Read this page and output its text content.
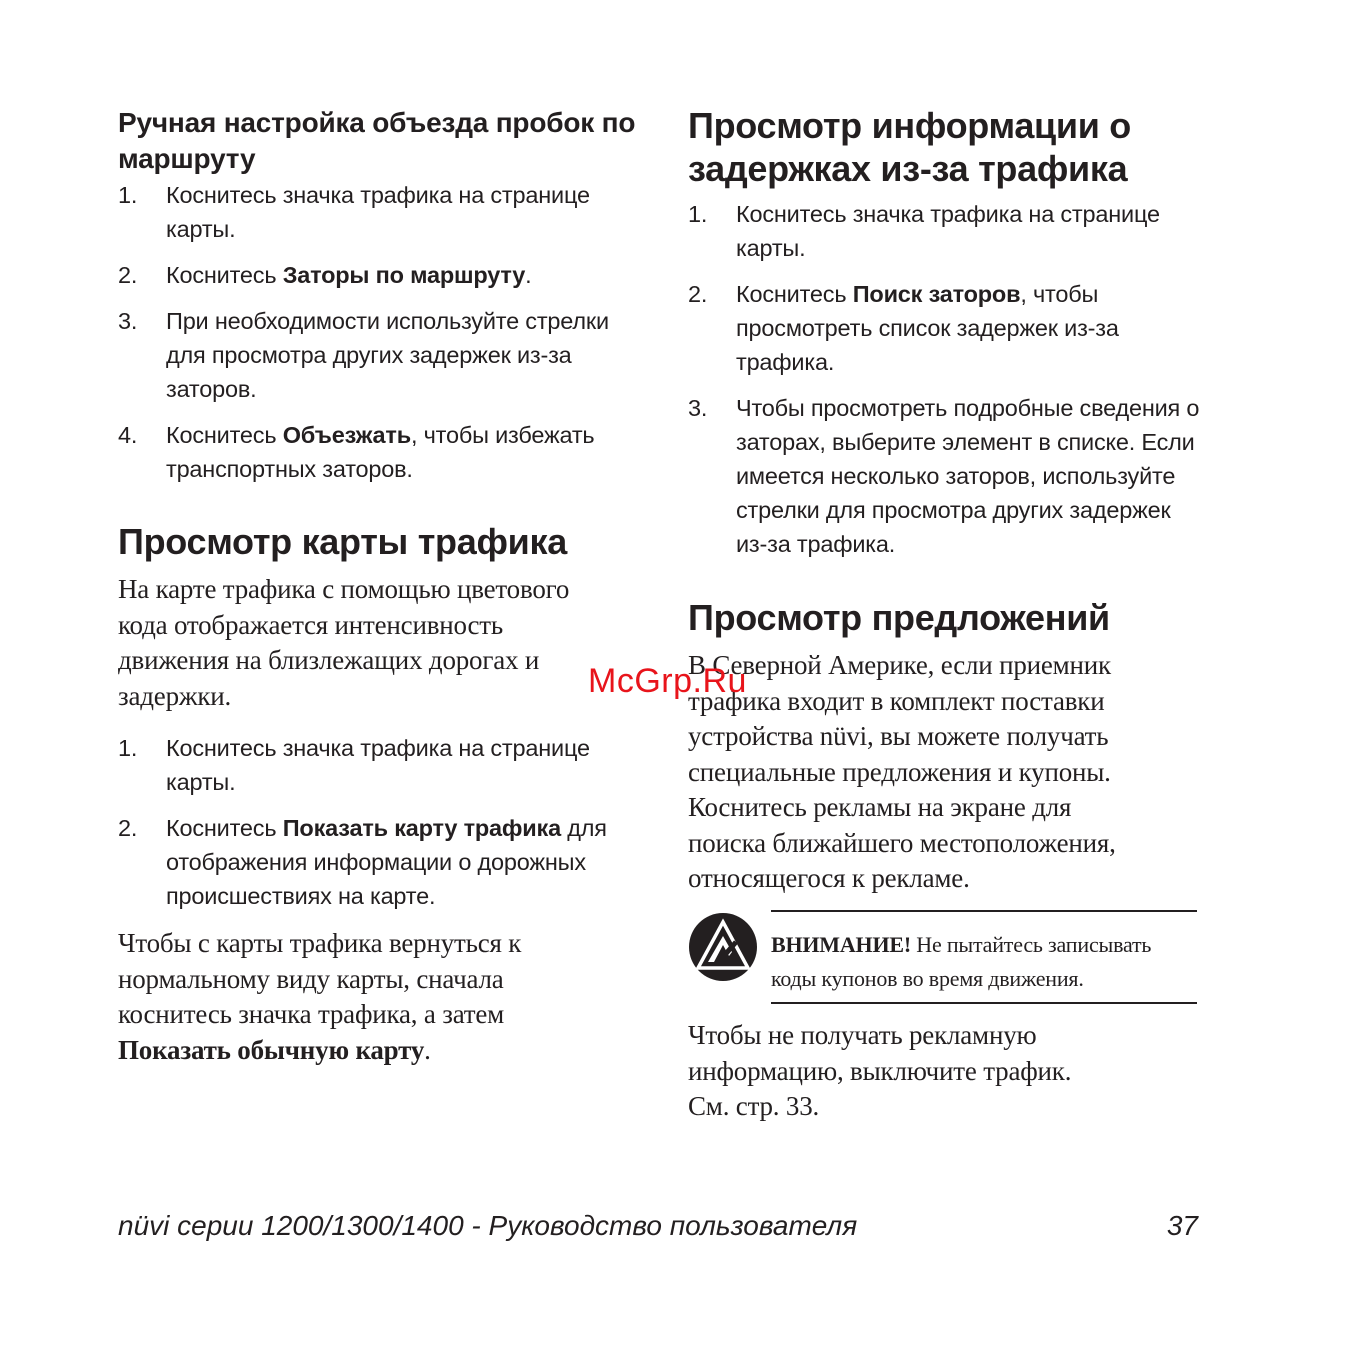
Ручная настройка объезда пробок по маршруту
1. Коснитесь значка трафика на странице карты.
2. Коснитесь Заторы по маршруту.
3. При необходимости используйте стрелки для просмотра других задержек из-за заторов.
4. Коснитесь Объезжать, чтобы избежать транспортных заторов.
Просмотр карты трафика

На карте трафика с помощью цветового кода отображается интенсивность движения на близлежащих дорогах и задержки.

1. Коснитесь значка трафика на странице карты.
2. Коснитесь Показать карту трафика для отображения информации о дорожных происшествиях на карте.

Чтобы с карты трафика вернуться к нормальному виду карты, сначала коснитесь значка трафика, а затем Показать обычную карту.

Просмотр информации о задержках из-за трафика
1. Коснитесь значка трафика на странице карты.
2. Коснитесь Поиск заторов, чтобы просмотреть список задержек из-за трафика.
3. Чтобы просмотреть подробные сведения о заторах, выберите элемент в списке. Если имеется несколько заторов, используйте стрелки для просмотра других задержек из-за трафика.
Просмотр предложений

В Северной Америке, если приемник трафика входит в комплект поставки устройства nüvi, вы можете получать специальные предложения и купоны. Коснитесь рекламы на экране для поиска ближайшего местоположения, относящегося к рекламе.

Чтобы не получать рекламную информацию, выключите трафик. См. стр. 33.

ВНИМАНИЕ! Не пытайтесь записывать коды купонов во время движения.
McGrp.Ru
nüvi серии 1200/1300/1400 - Руководство пользователя	37
